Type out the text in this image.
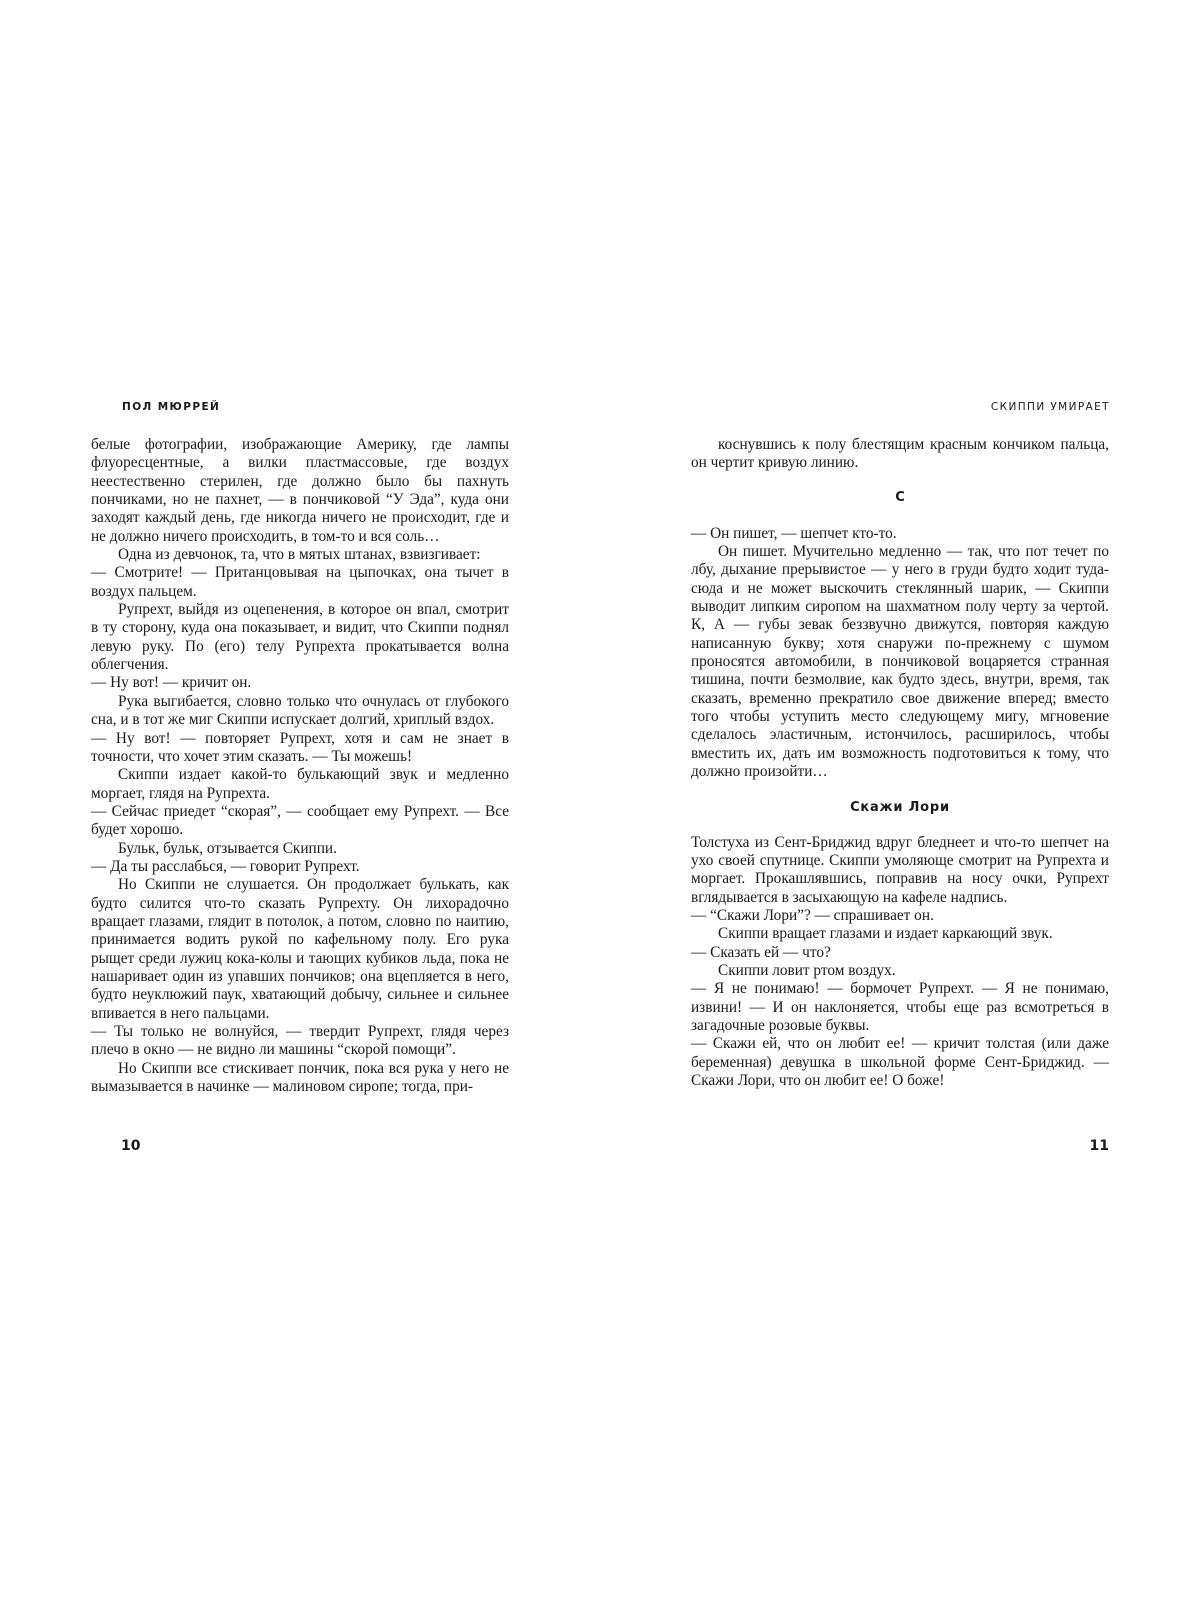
ПОЛ МЮРРЕЙ

белые фотографии, изображающие Америку, где лампы флуоресцентные, а вилки пластмассовые, где воздух неестественно стерилен, где должно было бы пахнуть пончиками, но не пахнет, — в пончиковой “У Эда”, куда они заходят каждый день, где никогда ничего не происходит, где и не должно ничего происходить, в том-то и вся соль…

Одна из девчонок, та, что в мятых штанах, взвизгивает:

— Смотрите! — Пританцовывая на цыпочках, она тычет в воздух пальцем.

Рупрехт, выйдя из оцепенения, в которое он впал, смотрит в ту сторону, куда она показывает, и видит, что Скиппи поднял левую руку. По (его) телу Рупрехта прокатывается волна облегчения.

— Ну вот! — кричит он.

Рука выгибается, словно только что очнулась от глубокого сна, и в тот же миг Скиппи испускает долгий, хриплый вздох.

— Ну вот! — повторяет Рупрехт, хотя и сам не знает в точности, что хочет этим сказать. — Ты можешь!

Скиппи издает какой-то булькающий звук и медленно моргает, глядя на Рупрехта.

— Сейчас приедет “скорая”, — сообщает ему Рупрехт. — Все будет хорошо.

Бульк, бульк, отзывается Скиппи.

— Да ты расслабься, — говорит Рупрехт.

Но Скиппи не слушается. Он продолжает булькать, как будто силится что-то сказать Рупрехту. Он лихорадочно вращает глазами, глядит в потолок, а потом, словно по наитию, принимается водить рукой по кафельному полу. Его рука рыщет среди лужиц кока-колы и тающих кубиков льда, пока не нашаривает один из упавших пончиков; она вцепляется в него, будто неуклюжий паук, хватающий добычу, сильнее и сильнее впивается в него пальцами.

— Ты только не волнуйся, — твердит Рупрехт, глядя через плечо в окно — не видно ли машины “скорой помощи”.

Но Скиппи все стискивает пончик, пока вся рука у него не вымазывается в начинке — малиновом сиропе; тогда, при-

10
СКИППИ УМИРАЕТ

коснувшись к полу блестящим красным кончиком пальца, он чертит кривую линию.

С

— Он пишет, — шепчет кто-то.

Он пишет. Мучительно медленно — так, что пот течет по лбу, дыхание прерывистое — у него в груди будто ходит туда-сюда и не может выскочить стеклянный шарик, — Скиппи выводит липким сиропом на шахматном полу черту за чертой. К, А — губы зевак беззвучно движутся, повторяя каждую написанную букву; хотя снаружи по-прежнему с шумом проносятся автомобили, в пончиковой воцаряется странная тишина, почти безмолвие, как будто здесь, внутри, время, так сказать, временно прекратило свое движение вперед; вместо того чтобы уступить место следующему мигу, мгновение сделалось эластичным, истончилось, расширилось, чтобы вместить их, дать им возможность подготовиться к тому, что должно произойти…

Скажи Лори

Толстуха из Сент-Бриджид вдруг бледнеет и что-то шепчет на ухо своей спутнице. Скиппи умоляюще смотрит на Рупрехта и моргает. Прокашлявшись, поправив на носу очки, Рупрехт вглядывается в засыхающую на кафеле надпись.

— “Скажи Лори”? — спрашивает он.

Скиппи вращает глазами и издает каркающий звук.

— Сказать ей — что?

Скиппи ловит ртом воздух.

— Я не понимаю! — бормочет Рупрехт. — Я не понимаю, извини! — И он наклоняется, чтобы еще раз всмотреться в загадочные розовые буквы.

— Скажи ей, что он любит ее! — кричит толстая (или даже беременная) девушка в школьной форме Сент-Бриджид. — Скажи Лори, что он любит ее! О боже!

11
